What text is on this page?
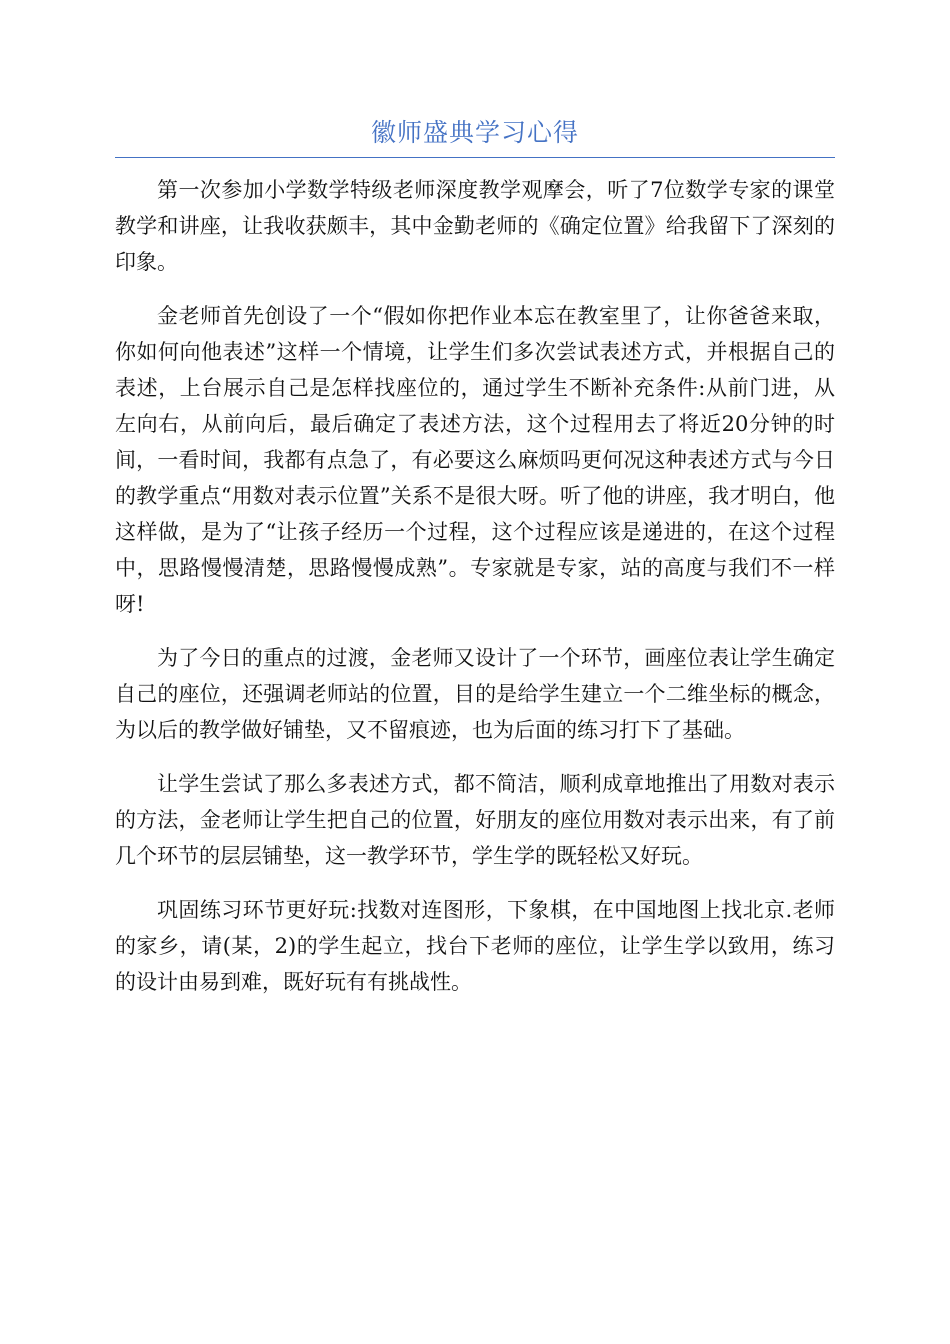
徽师盛典学习心得

第一次参加小学数学特级老师深度教学观摩会，听了7位数学专家的课堂教学和讲座，让我收获颇丰，其中金勤老师的《确定位置》给我留下了深刻的印象。

金老师首先创设了一个“假如你把作业本忘在教室里了，让你爸爸来取，你如何向他表述”这样一个情境，让学生们多次尝试表述方式，并根据自己的表述，上台展示自己是怎样找座位的，通过学生不断补充条件:从前门进，从左向右，从前向后，最后确定了表述方法，这个过程用去了将近20分钟的时间，一看时间，我都有点急了，有必要这么麻烦吗更何况这种表述方式与今日的教学重点“用数对表示位置”关系不是很大呀。听了他的讲座，我才明白，他这样做，是为了“让孩子经历一个过程，这个过程应该是递进的，在这个过程中，思路慢慢清楚，思路慢慢成熟”。专家就是专家，站的高度与我们不一样呀!

为了今日的重点的过渡，金老师又设计了一个环节，画座位表让学生确定自己的座位，还强调老师站的位置，目的是给学生建立一个二维坐标的概念，为以后的教学做好铺垫，又不留痕迹，也为后面的练习打下了基础。

让学生尝试了那么多表述方式，都不简洁，顺利成章地推出了用数对表示的方法，金老师让学生把自己的位置，好朋友的座位用数对表示出来，有了前几个环节的层层铺垫，这一教学环节，学生学的既轻松又好玩。

巩固练习环节更好玩:找数对连图形，下象棋，在中国地图上找北京.老师的家乡，请(某，2)的学生起立，找台下老师的座位，让学生学以致用，练习的设计由易到难，既好玩有有挑战性。
